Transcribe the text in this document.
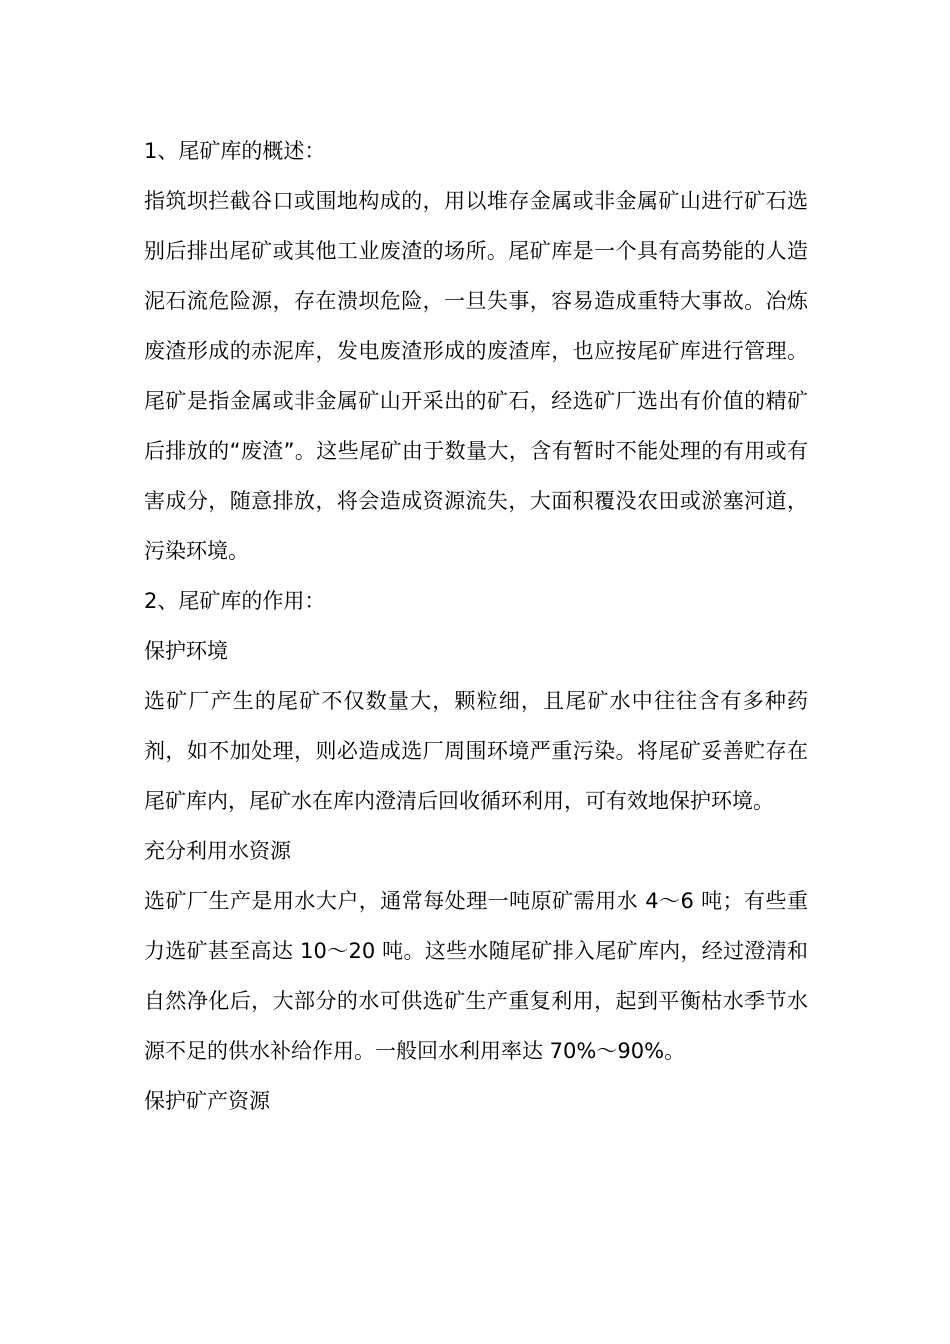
1、尾矿库的概述：

指筑坝拦截谷口或围地构成的，用以堆存金属或非金属矿山进行矿石选别后排出尾矿或其他工业废渣的场所。尾矿库是一个具有高势能的人造泥石流危险源，存在溃坝危险，一旦失事，容易造成重特大事故。冶炼废渣形成的赤泥库，发电废渣形成的废渣库，也应按尾矿库进行管理。尾矿是指金属或非金属矿山开采出的矿石，经选矿厂选出有价值的精矿后排放的“废渣”。这些尾矿由于数量大，含有暂时不能处理的有用或有害成分，随意排放，将会造成资源流失，大面积覆没农田或淤塞河道，污染环境。

2、尾矿库的作用：

保护环境

选矿厂产生的尾矿不仅数量大，颗粒细，且尾矿水中往往含有多种药剂，如不加处理，则必造成选厂周围环境严重污染。将尾矿妥善贮存在尾矿库内，尾矿水在库内澄清后回收循环利用，可有效地保护环境。

充分利用水资源

选矿厂生产是用水大户，通常每处理一吨原矿需用水 4～6 吨；有些重力选矿甚至高达 10～20 吨。这些水随尾矿排入尾矿库内，经过澄清和自然净化后，大部分的水可供选矿生产重复利用，起到平衡枯水季节水源不足的供水补给作用。一般回水利用率达 70%～90%。

保护矿产资源
